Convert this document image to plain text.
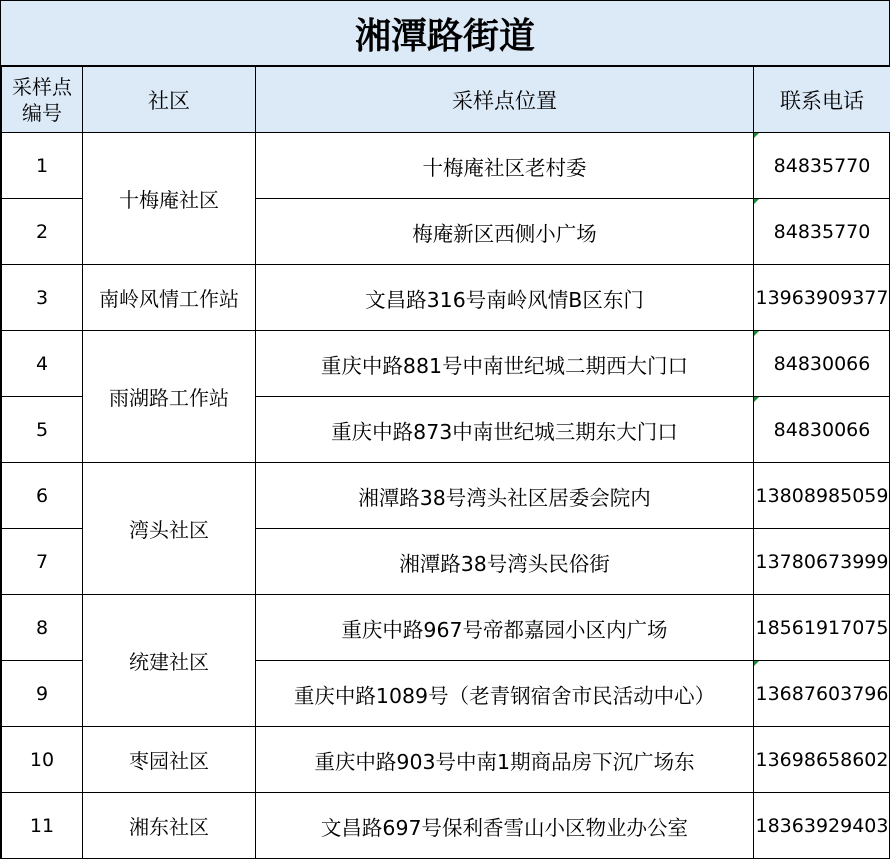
湘潭路街道
采样点
编号	社区	采样点位置	联系电话
1	十梅庵社区	十梅庵社区老村委	84835770
2		梅庵新区西侧小广场	84835770
3	南岭风情工作站	文昌路316号南岭风情B区东门	13963909377
4	雨湖路工作站	重庆中路881号中南世纪城二期西大门口	84830066
5		重庆中路873中南世纪城三期东大门口	84830066
6	湾头社区	湘潭路38号湾头社区居委会院内	13808985059
7		湘潭路38号湾头民俗街	13780673999
8	统建社区	重庆中路967号帝都嘉园小区内广场	18561917075
9		重庆中路1089号（老青钢宿舍市民活动中心）	13687603796
10	枣园社区	重庆中路903号中南1期商品房下沉广场东	13698658602
11	湘东社区	文昌路697号保利香雪山小区物业办公室	18363929403
